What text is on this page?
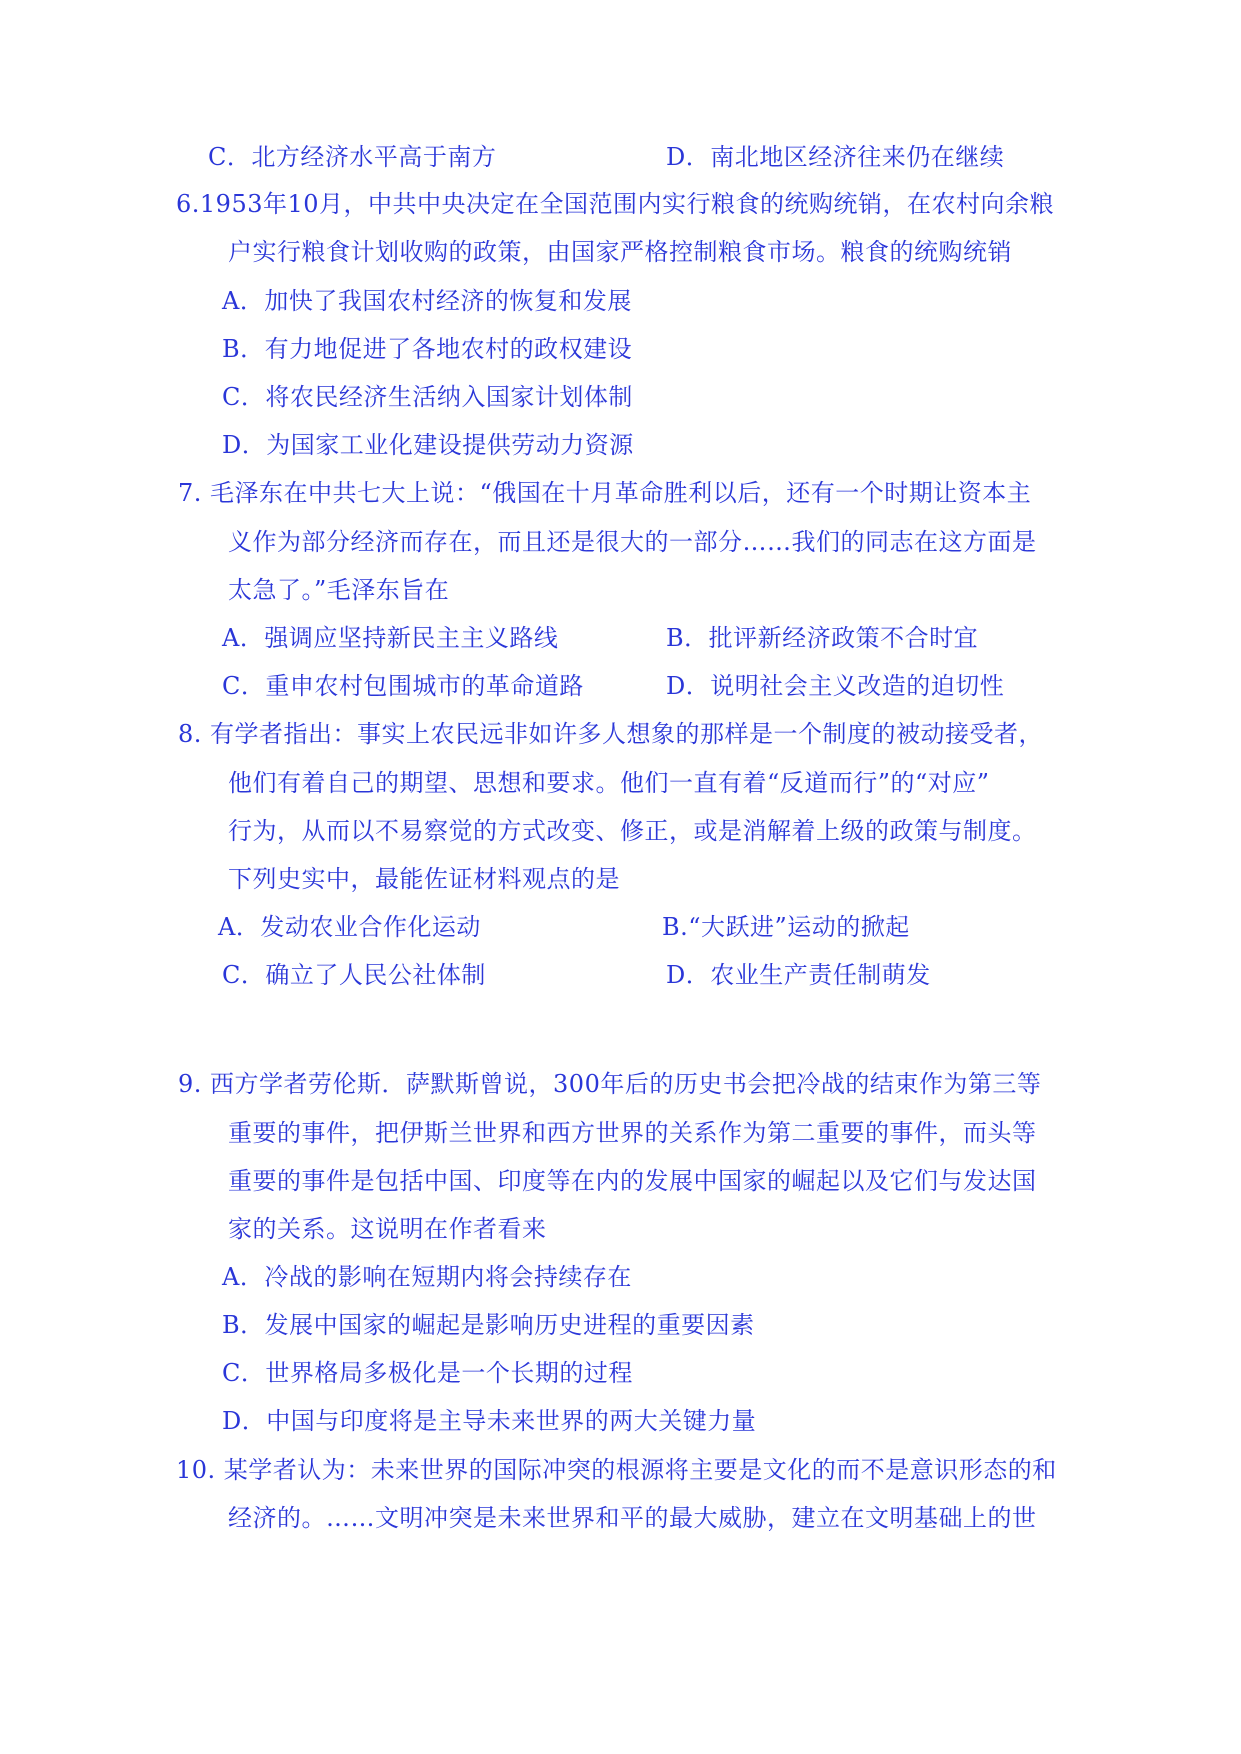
C．北方经济水平高于南方	D．南北地区经济往来仍在继续
6.1953年10月，中共中央决定在全国范围内实行粮食的统购统销，在农村向余粮
户实行粮食计划收购的政策，由国家严格控制粮食市场。粮食的统购统销
A．加快了我国农村经济的恢复和发展
B．有力地促进了各地农村的政权建设
C．将农民经济生活纳入国家计划体制
D．为国家工业化建设提供劳动力资源
7. 毛泽东在中共七大上说：“俄国在十月革命胜利以后，还有一个时期让资本主
义作为部分经济而存在，而且还是很大的一部分……我们的同志在这方面是
太急了。”毛泽东旨在
A．强调应坚持新民主主义路线	B．批评新经济政策不合时宜
C．重申农村包围城市的革命道路	D．说明社会主义改造的迫切性
8. 有学者指出：事实上农民远非如许多人想象的那样是一个制度的被动接受者，
他们有着自己的期望、思想和要求。他们一直有着“反道而行”的“对应”
行为，从而以不易察觉的方式改变、修正，或是消解着上级的政策与制度。
下列史实中，最能佐证材料观点的是
A．发动农业合作化运动	B.“大跃进”运动的掀起
C．确立了人民公社体制	D．农业生产责任制萌发
9. 西方学者劳伦斯．萨默斯曾说，300年后的历史书会把冷战的结束作为第三等
重要的事件，把伊斯兰世界和西方世界的关系作为第二重要的事件，而头等
重要的事件是包括中国、印度等在内的发展中国家的崛起以及它们与发达国
家的关系。这说明在作者看来
A．冷战的影响在短期内将会持续存在
B．发展中国家的崛起是影响历史进程的重要因素
C．世界格局多极化是一个长期的过程
D．中国与印度将是主导未来世界的两大关键力量
10. 某学者认为：未来世界的国际冲突的根源将主要是文化的而不是意识形态的和
经济的。……文明冲突是未来世界和平的最大威胁，建立在文明基础上的世
